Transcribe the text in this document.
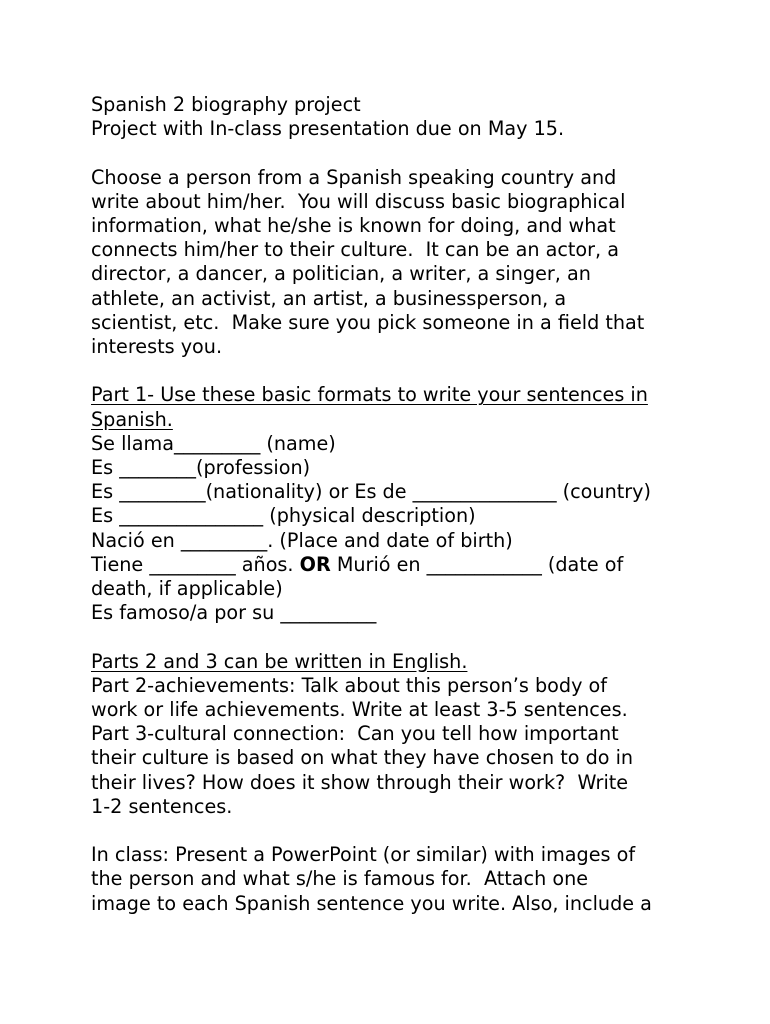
Spanish 2 biography project
Project with In-class presentation due on May 15.
Choose a person from a Spanish speaking country and
write about him/her.  You will discuss basic biographical
information, what he/she is known for doing, and what
connects him/her to their culture.  It can be an actor, a
director, a dancer, a politician, a writer, a singer, an
athlete, an activist, an artist, a businessperson, a
scientist, etc.  Make sure you pick someone in a field that
interests you.
Part 1- Use these basic formats to write your sentences in
Spanish.
Se llama_________ (name)
Es ________(profession)
Es _________(nationality) or Es de _______________ (country)
Es _______________ (physical description)
Nació en _________. (Place and date of birth)
Tiene _________ años. OR Murió en ____________ (date of
death, if applicable)
Es famoso/a por su __________
Parts 2 and 3 can be written in English.
Part 2-achievements: Talk about this person’s body of
work or life achievements. Write at least 3-5 sentences.
Part 3-cultural connection:  Can you tell how important
their culture is based on what they have chosen to do in
their lives? How does it show through their work?  Write
1-2 sentences.
In class: Present a PowerPoint (or similar) with images of
the person and what s/he is famous for.  Attach one
image to each Spanish sentence you write. Also, include a
